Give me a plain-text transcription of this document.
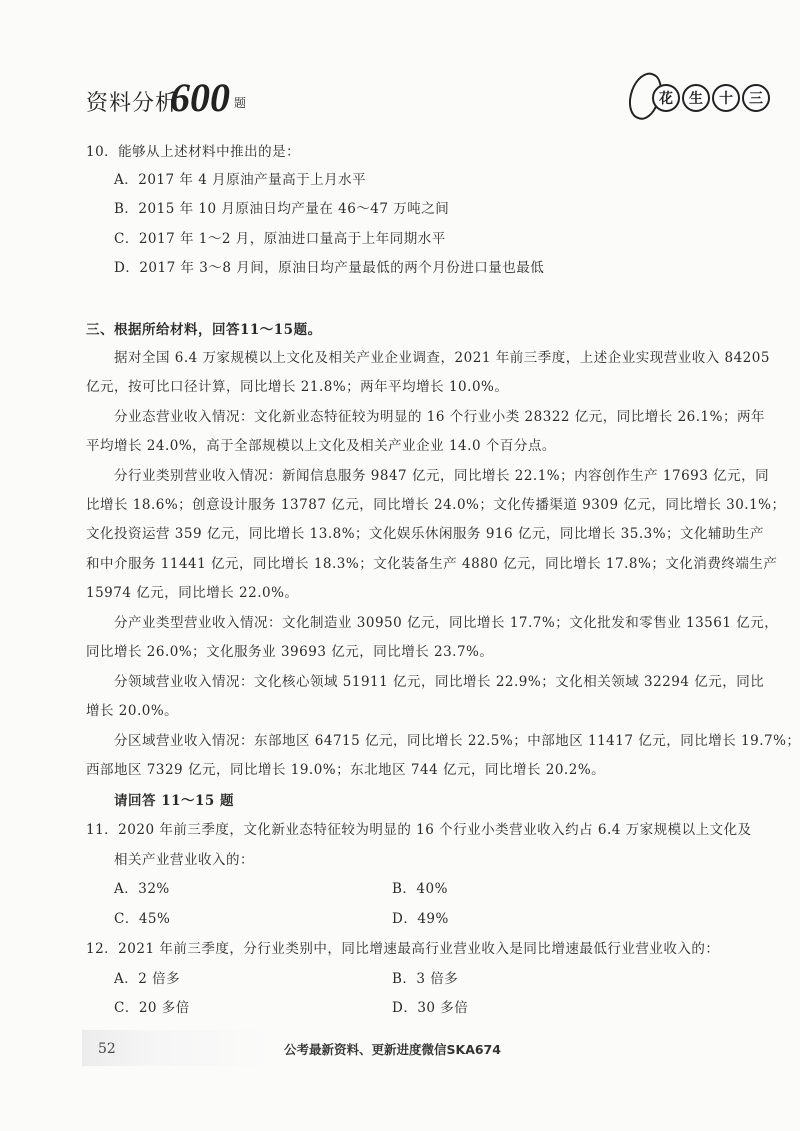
资料分析
600 题	花	生	十	三
10．能够从上述材料中推出的是：
A．2017 年 4 月原油产量高于上月水平
B．2015 年 10 月原油日均产量在 46～47 万吨之间
C．2017 年 1～2 月，原油进口量高于上年同期水平
D．2017 年 3～8 月间，原油日均产量最低的两个月份进口量也最低
三、根据所给材料，回答11～15题。
据对全国 6.4 万家规模以上文化及相关产业企业调查，2021 年前三季度，上述企业实现营业收入 84205
亿元，按可比口径计算，同比增长 21.8%；两年平均增长 10.0%。
分业态营业收入情况：文化新业态特征较为明显的 16 个行业小类 28322 亿元，同比增长 26.1%；两年
平均增长 24.0%，高于全部规模以上文化及相关产业企业 14.0 个百分点。
分行业类别营业收入情况：新闻信息服务 9847 亿元，同比增长 22.1%；内容创作生产 17693 亿元，同
比增长 18.6%；创意设计服务 13787 亿元，同比增长 24.0%；文化传播渠道 9309 亿元，同比增长 30.1%；
文化投资运营 359 亿元，同比增长 13.8%；文化娱乐休闲服务 916 亿元，同比增长 35.3%；文化辅助生产
和中介服务 11441 亿元，同比增长 18.3%；文化装备生产 4880 亿元，同比增长 17.8%；文化消费终端生产
15974 亿元，同比增长 22.0%。
分产业类型营业收入情况：文化制造业 30950 亿元，同比增长 17.7%；文化批发和零售业 13561 亿元，
同比增长 26.0%；文化服务业 39693 亿元，同比增长 23.7%。
分领域营业收入情况：文化核心领域 51911 亿元，同比增长 22.9%；文化相关领域 32294 亿元，同比
增长 20.0%。
分区域营业收入情况：东部地区 64715 亿元，同比增长 22.5%；中部地区 11417 亿元，同比增长 19.7%；
西部地区 7329 亿元，同比增长 19.0%；东北地区 744 亿元，同比增长 20.2%。
请回答 11～15 题
11．2020 年前三季度，文化新业态特征较为明显的 16 个行业小类营业收入约占 6.4 万家规模以上文化及
相关产业营业收入的：
A．32%	B．40%
C．45%	D．49%
12．2021 年前三季度，分行业类别中，同比增速最高行业营业收入是同比增速最低行业营业收入的：
A．2 倍多	B．3 倍多
C．20 多倍	D．30 多倍
52	公考最新资料、更新进度微信SKA674
